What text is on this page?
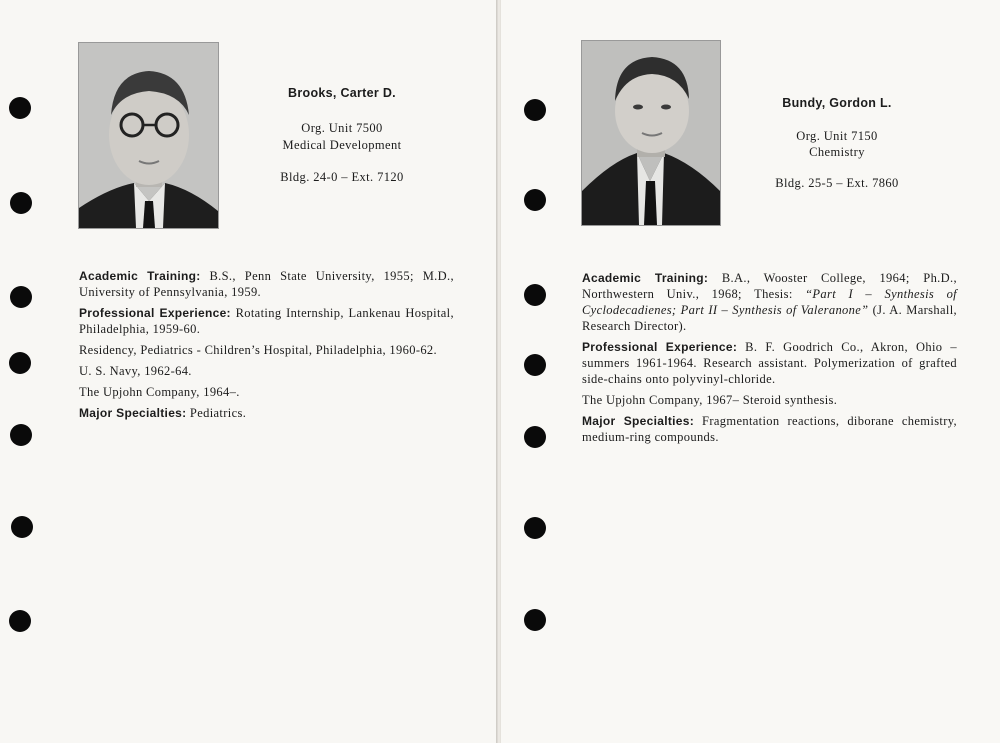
Brooks, Carter D.
Org. Unit 7500
Medical Development
Bldg. 24-0 – Ext. 7120

Academic Training: B.S., Penn State University, 1955; M.D., University of Pennsylvania, 1959.

Professional Experience: Rotating Internship, Lankenau Hospital, Philadelphia, 1959-60.

Residency, Pediatrics - Children’s Hospital, Philadelphia, 1960-62.

U. S. Navy, 1962-64.

The Upjohn Company, 1964–.

Major Specialties: Pediatrics.

Bundy, Gordon L.
Org. Unit 7150
Chemistry
Bldg. 25-5 – Ext. 7860

Academic Training: B.A., Wooster College, 1964; Ph.D., Northwestern Univ., 1968; Thesis: “Part I – Synthesis of Cyclodecadienes; Part II – Synthesis of Valeranone” (J. A. Marshall, Research Director).

Professional Experience: B. F. Goodrich Co., Akron, Ohio – summers 1961-1964. Research assistant. Polymerization of grafted side-chains onto polyvinyl-chloride.

The Upjohn Company, 1967– Steroid synthesis.

Major Specialties: Fragmentation reactions, diborane chemistry, medium-ring compounds.
